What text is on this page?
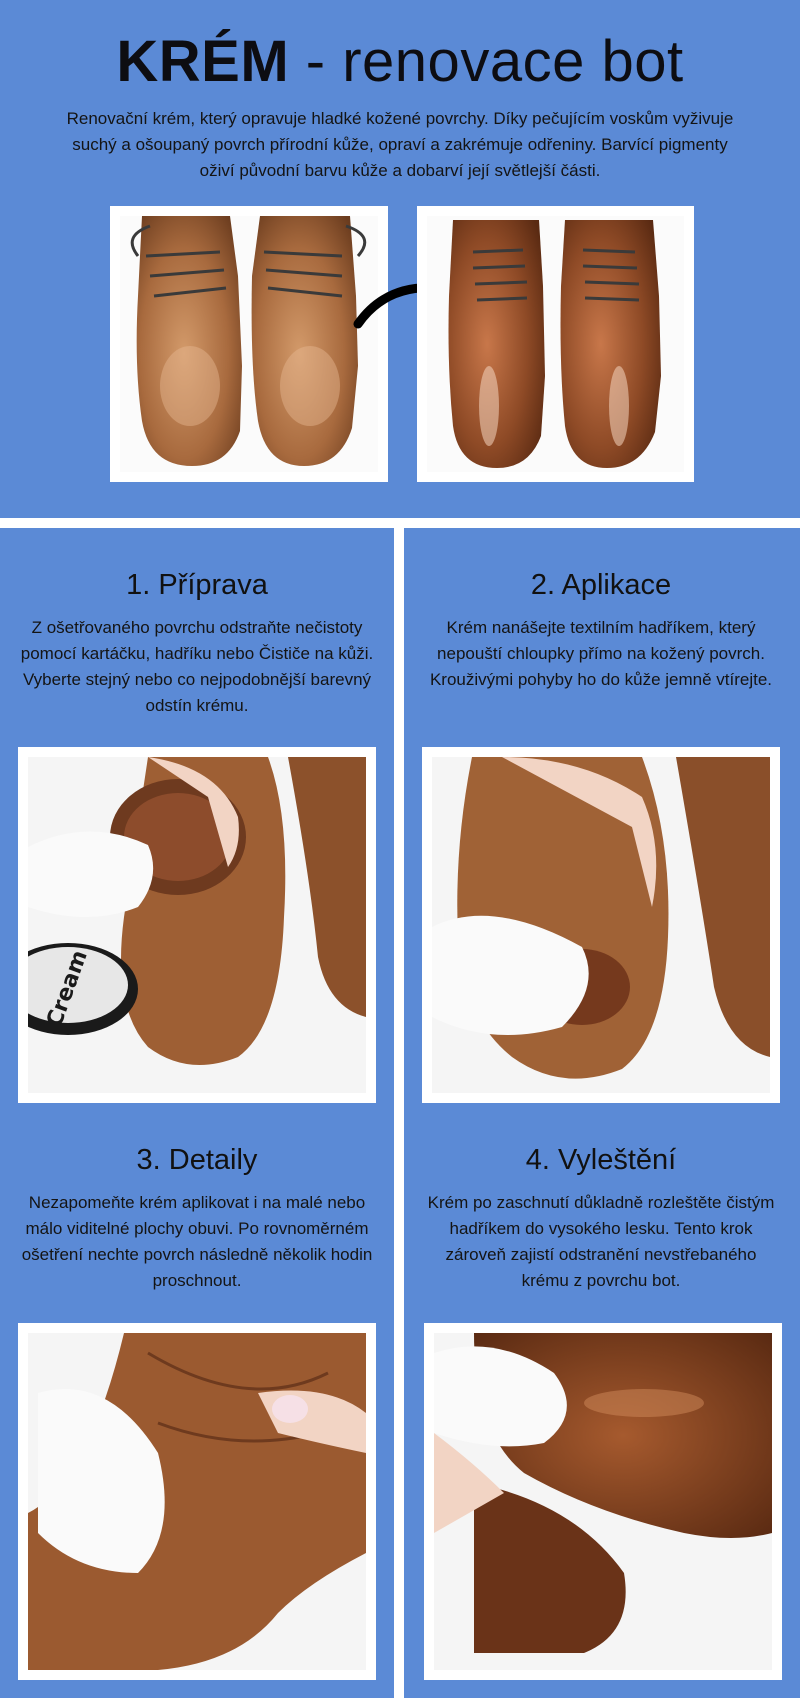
KRÉM - renovace bot
Renovační krém, který opravuje hladké kožené povrchy. Díky pečujícím voskům vyživuje suchý a ošoupaný povrch přírodní kůže, opraví a zakrémuje odřeniny. Barvící pigmenty oživí původní barvu kůže a dobarví její světlejší části.
1. Příprava
Z ošetřovaného povrchu odstraňte nečistoty pomocí kartáčku, hadříku nebo Čističe na kůži. Vyberte stejný nebo co nejpodobnější barevný odstín krému.
Cream
2. Aplikace
Krém nanášejte textilním hadříkem, který nepouští chloupky přímo na kožený povrch. Krouživými pohyby ho do kůže jemně vtírejte.
3. Detaily
Nezapomeňte krém aplikovat i na malé nebo málo viditelné plochy obuvi. Po rovnoměrném ošetření nechte povrch následně několik hodin proschnout.
4. Vyleštění
Krém po zaschnutí důkladně rozleštěte čistým hadříkem do vysokého lesku. Tento krok zároveň zajistí odstranění nevstřebaného krému z povrchu bot.
